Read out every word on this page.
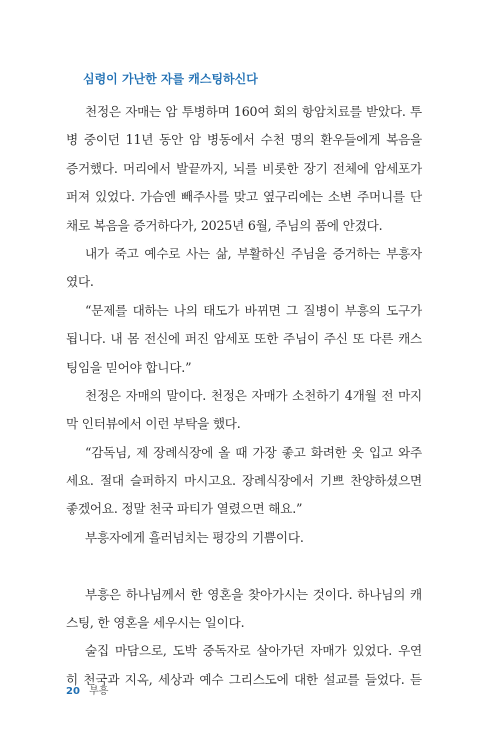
심령이 가난한 자를 캐스팅하신다
천정은 자매는 암 투병하며 160여 회의 항암치료를 받았다. 투
병 중이던 11년 동안 암 병동에서 수천 명의 환우들에게 복음을
증거했다. 머리에서 발끝까지, 뇌를 비롯한 장기 전체에 암세포가
퍼져 있었다. 가슴엔 빼주사를 맞고 옆구리에는 소변 주머니를 단
채로 복음을 증거하다가, 2025년 6월, 주님의 품에 안겼다.
내가 죽고 예수로 사는 삶, 부활하신 주님을 증거하는 부흥자
였다.
“문제를 대하는 나의 태도가 바뀌면 그 질병이 부흥의 도구가
됩니다. 내 몸 전신에 퍼진 암세포 또한 주님이 주신 또 다른 캐스
팅임을 믿어야 합니다.”
천정은 자매의 말이다. 천정은 자매가 소천하기 4개월 전 마지
막 인터뷰에서 이런 부탁을 했다.
“감독님, 제 장례식장에 올 때 가장 좋고 화려한 옷 입고 와주
세요. 절대 슬퍼하지 마시고요. 장례식장에서 기쁘 찬양하셨으면
좋겠어요. 정말 천국 파티가 열렸으면 해요.”
부흥자에게 흘러넘치는 평강의 기쁨이다.
부흥은 하나님께서 한 영혼을 찾아가시는 것이다. 하나님의 캐
스팅, 한 영혼을 세우시는 일이다.
술집 마담으로, 도박 중독자로 살아가던 자매가 있었다. 우연
히 천국과 지옥, 세상과 예수 그리스도에 대한 설교를 들었다. 듣
20 부흥
